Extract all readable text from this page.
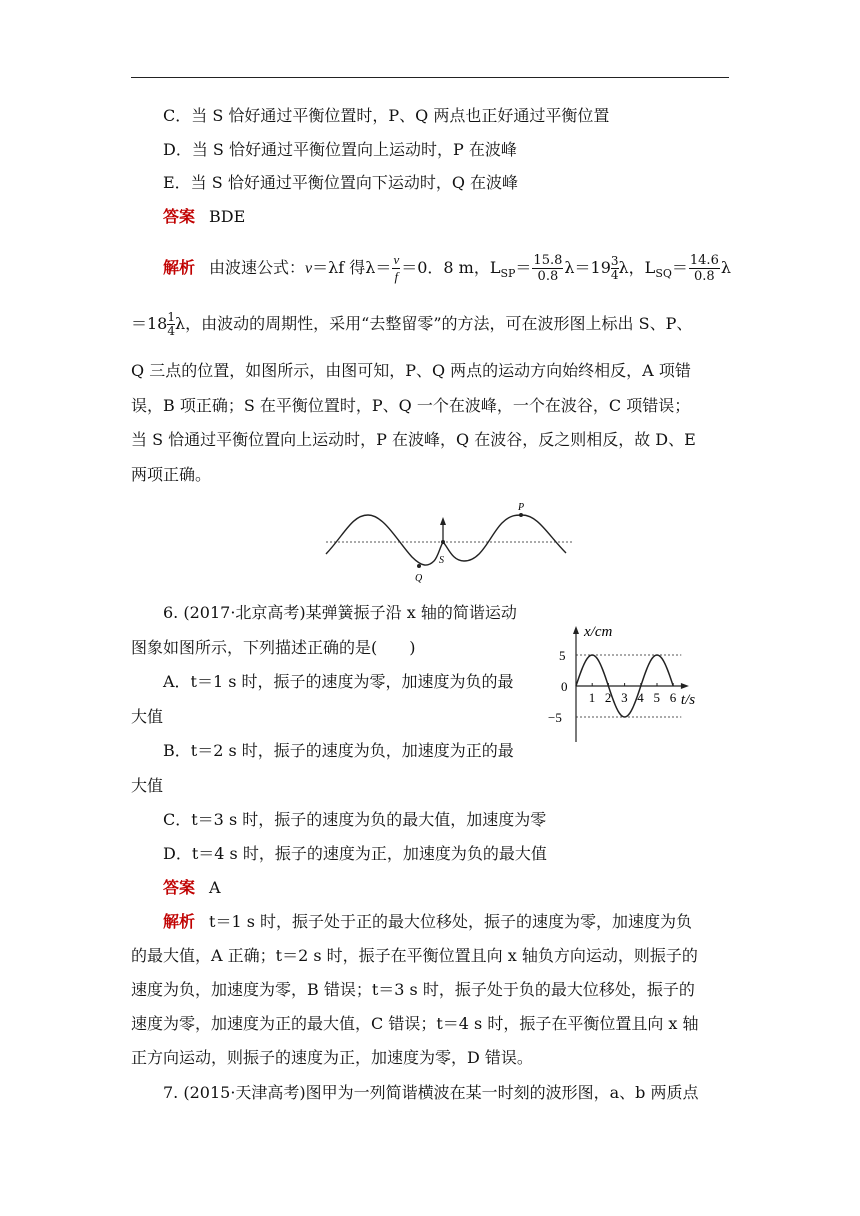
C．当 S 恰好通过平衡位置时，P、Q 两点也正好通过平衡位置
D．当 S 恰好通过平衡位置向上运动时，P 在波峰
E．当 S 恰好通过平衡位置向下运动时，Q 在波峰
答案 BDE
解析 由波速公式：v＝λf 得$\lambda= \frac{v}{f} =0$．8 m，$L_{SP}= \frac{15.8}{0.8} \lambda=19 \frac{3}{4}$ λ，$L_{SQ}= \frac{14.6}{0.8}$ λ
$=18 \frac{1}{4}$ λ，由波动的周期性，采用“去整留零”的方法，可在波形图上标出 S、P、
Q 三点的位置，如图所示，由图可知，P、Q 两点的运动方向始终相反，A 项错
误，B 项正确；S 在平衡位置时，P、Q 一个在波峰，一个在波谷，C 项错误；
当 S 恰通过平衡位置向上运动时，P 在波峰，Q 在波谷，反之则相反，故 D、E
两项正确。
P
S
Q
6. (2017·北京高考)某弹簧振子沿 x 轴的简谐运动
图象如图所示，下列描述正确的是(　　)
A．t＝1 s 时，振子的速度为零，加速度为负的最
大值
B．t＝2 s 时，振子的速度为负，加速度为正的最
大值
C．t＝3 s 时，振子的速度为负的最大值，加速度为零
D．t＝4 s 时，振子的速度为正，加速度为负的最大值
1 2 3 4 5 6
5
0
−5
x/cm
t/s
答案 A
解析 t＝1 s 时，振子处于正的最大位移处，振子的速度为零，加速度为负
的最大值，A 正确；t＝2 s 时，振子在平衡位置且向 x 轴负方向运动，则振子的
速度为负，加速度为零，B 错误；t＝3 s 时，振子处于负的最大位移处，振子的
速度为零，加速度为正的最大值，C 错误；t＝4 s 时，振子在平衡位置且向 x 轴
正方向运动，则振子的速度为正，加速度为零，D 错误。
7. (2015·天津高考)图甲为一列简谐横波在某一时刻的波形图，a、b 两质点
